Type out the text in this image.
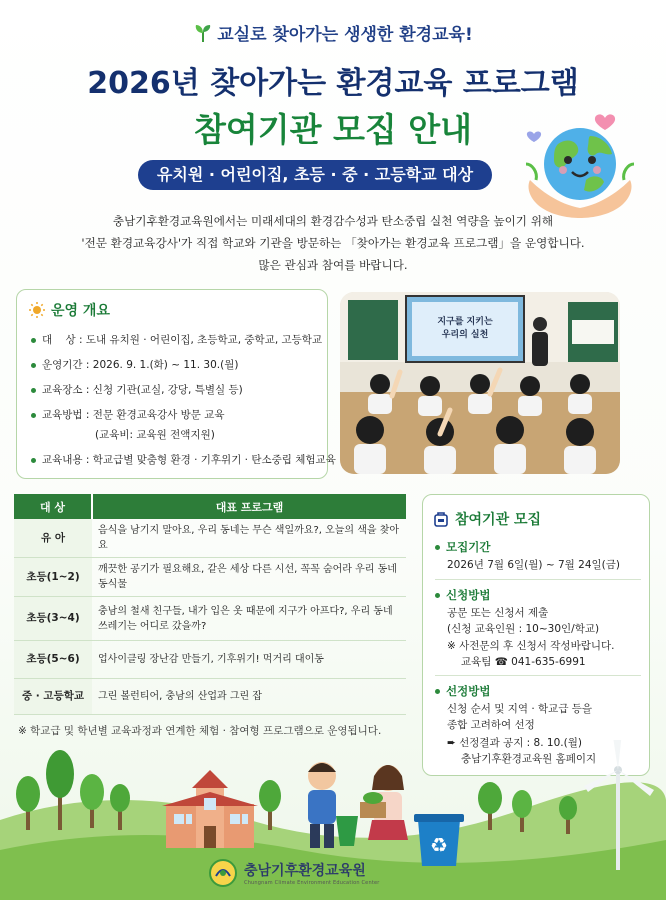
교실로 찾아가는 생생한 환경교육!
2026년 찾아가는 환경교육 프로그램
참여기관 모집 안내
유치원 · 어린이집, 초등 · 중 · 고등학교 대상
충남기후환경교육원에서는 미래세대의 환경감수성과 탄소중립 실천 역량을 높이기 위해
'전문 환경교육강사'가 직접 학교와 기관을 방문하는 「찾아가는 환경교육 프로그램」을 운영합니다.
많은 관심과 참여를 바랍니다.
운영 개요
대    상 : 도내 유치원 · 어린이집, 초등학교, 중학교, 고등학교
운영기간 : 2026. 9. 1.(화) ~ 11. 30.(월)
교육장소 : 신청 기관(교실, 강당, 특별실 등)
교육방법 : 전문 환경교육강사 방문 교육
(교육비: 교육원 전액지원)
교육내용 : 학교급별 맞춤형 환경 · 기후위기 · 탄소중립 체험교육
지구를 지키는
우리의 실천
대 상	대표 프로그램
유 아	음식을 남기지 말아요, 우리 동네는 무슨 색일까요?, 오늘의 색을 찾아요
초등(1~2)	깨끗한 공기가 필요해요, 같은 세상 다른 시선, 꼭꼭 숨어라 우리 동네 동식물
초등(3~4)	충남의 철새 친구들, 내가 입은 옷 때문에 지구가 아프다?, 우리 동네 쓰레기는 어디로 갔을까?
초등(5~6)	업사이클링 장난감 만들기, 기후위기! 먹거리 대이동
중 · 고등학교	그린 볼런티어, 충남의 산업과 그린 잡
※ 학교급 및 학년별 교육과정과 연계한 체험 · 참여형 프로그램으로 운영됩니다.
참여기관 모집
모집기간
2026년 7월 6일(월) ~ 7월 24일(금)
신청방법
공문 또는 신청서 제출
(신청 교육인원 : 10~30인/학교)
※ 사전문의 후 신청서 작성바랍니다.
교육팀 ☎ 041-635-6991
선정방법
신청 순서 및 지역 · 학교급 등을
종합 고려하여 선정
➨ 선정결과 공지 : 8. 10.(월)
충남기후환경교육원 홈페이지
♻
충남기후환경교육원
Chungnam Climate Environment Education Center
